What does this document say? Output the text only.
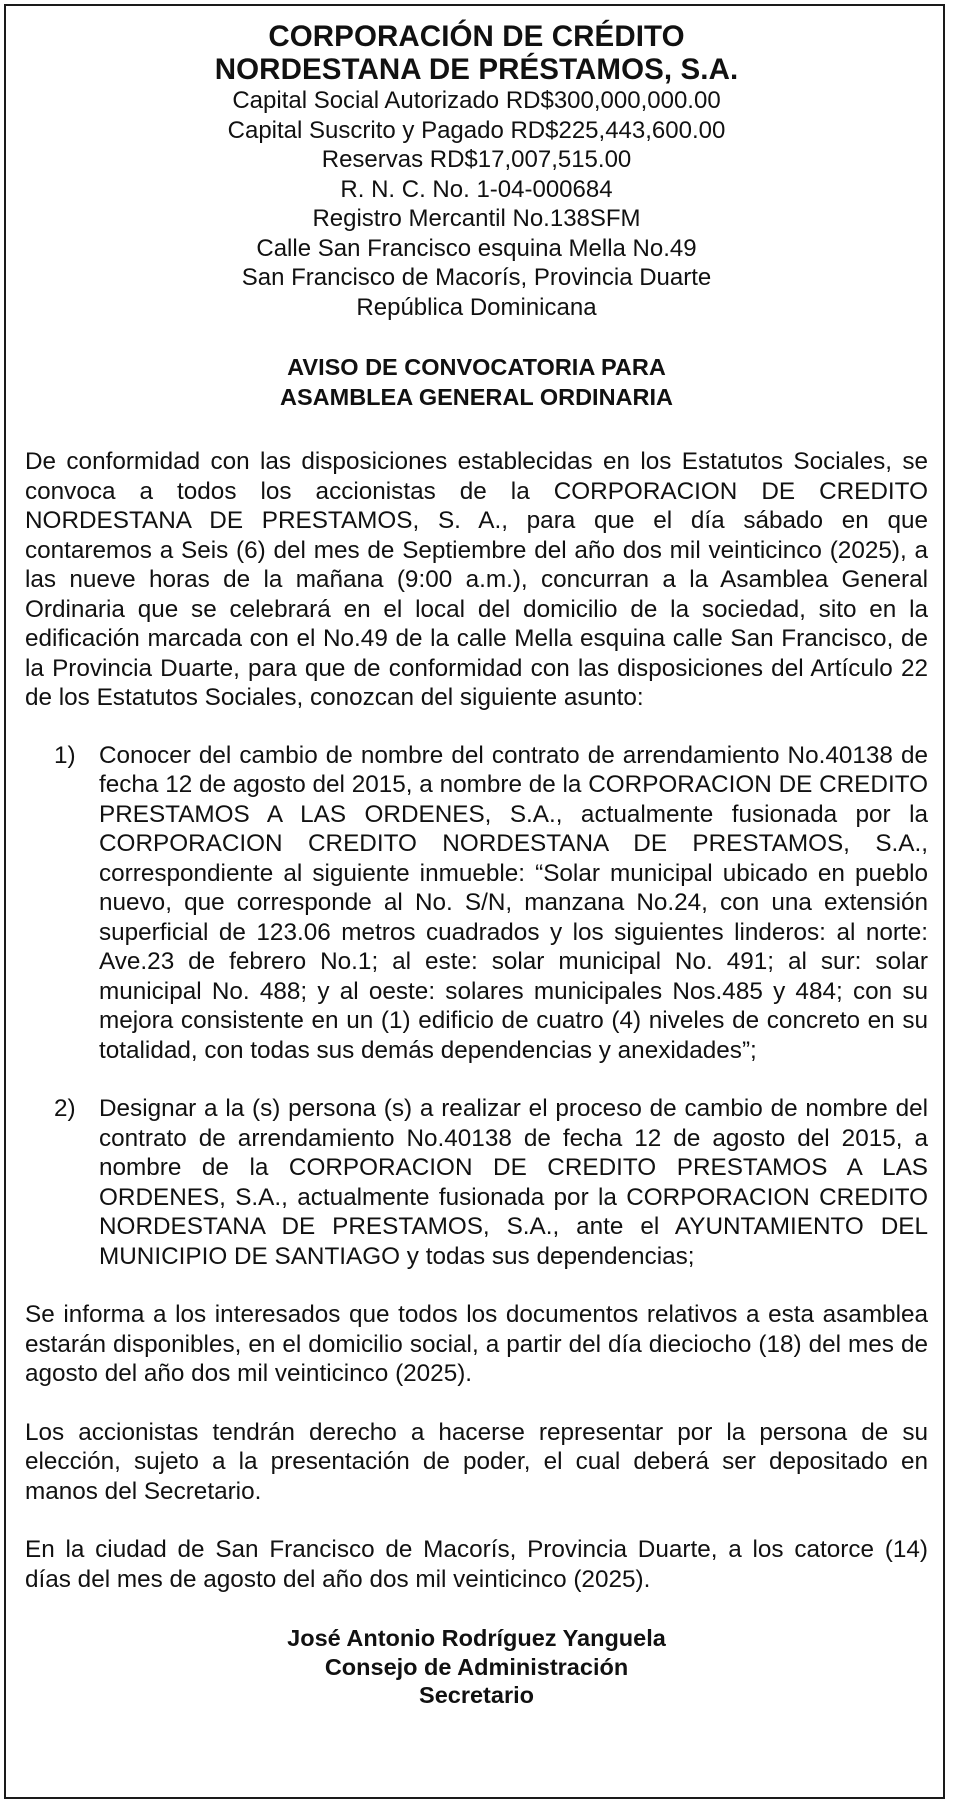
CORPORACIÓN DE CRÉDITO
NORDESTANA DE PRÉSTAMOS, S.A.
Capital Social Autorizado RD$300,000,000.00
Capital Suscrito y Pagado RD$225,443,600.00
Reservas RD$17,007,515.00
R. N. C. No. 1-04-000684
Registro Mercantil No.138SFM
Calle San Francisco esquina Mella No.49
San Francisco de Macorís, Provincia Duarte
República Dominicana
AVISO DE CONVOCATORIA PARA
ASAMBLEA GENERAL ORDINARIA

De conformidad con las disposiciones establecidas en los Estatutos Sociales, se convoca a todos los accionistas de la CORPORACION DE CREDITO NORDESTANA DE PRESTAMOS, S. A., para que el día sábado en que contaremos a Seis (6) del mes de Septiembre del año dos mil veinticinco (2025), a las nueve horas de la mañana (9:00 a.m.), concurran a la Asamblea General Ordinaria que se celebrará en el local del domicilio de la sociedad, sito en la edificación marcada con el No.49 de la calle Mella esquina calle San Francisco, de la Provincia Duarte, para que de conformidad con las disposiciones del Artículo 22 de los Estatutos Sociales, conozcan del siguiente asunto:

1) Conocer del cambio de nombre del contrato de arrendamiento No.40138 de fecha 12 de agosto del 2015, a nombre de la CORPORACION DE CREDITO PRESTAMOS A LAS ORDENES, S.A., actualmente fusionada por la CORPORACION CREDITO NORDESTANA DE PRESTAMOS, S.A., correspondiente al siguiente inmueble: “Solar municipal ubicado en pueblo nuevo, que corresponde al No. S/N, manzana No.24, con una extensión superficial de 123.06 metros cuadrados y los siguientes linderos: al norte: Ave.23 de febrero No.1; al este: solar municipal No. 491; al sur: solar municipal No. 488; y al oeste: solares municipales Nos.485 y 484; con su mejora consistente en un (1) edificio de cuatro (4) niveles de concreto en su totalidad, con todas sus demás dependencias y anexidades”;
2) Designar a la (s) persona (s) a realizar el proceso de cambio de nombre del contrato de arrendamiento No.40138 de fecha 12 de agosto del 2015, a nombre de la CORPORACION DE CREDITO PRESTAMOS A LAS ORDENES, S.A., actualmente fusionada por la CORPORACION CREDITO NORDESTANA DE PRESTAMOS, S.A., ante el AYUNTAMIENTO DEL MUNICIPIO DE SANTIAGO y todas sus dependencias;

Se informa a los interesados que todos los documentos relativos a esta asamblea estarán disponibles, en el domicilio social, a partir del día dieciocho (18) del mes de agosto del año dos mil veinticinco (2025).

Los accionistas tendrán derecho a hacerse representar por la persona de su elección, sujeto a la presentación de poder, el cual deberá ser depositado en manos del Secretario.

En la ciudad de San Francisco de Macorís, Provincia Duarte, a los catorce (14) días del mes de agosto del año dos mil veinticinco (2025).

José Antonio Rodríguez Yanguela
Consejo de Administración
Secretario
